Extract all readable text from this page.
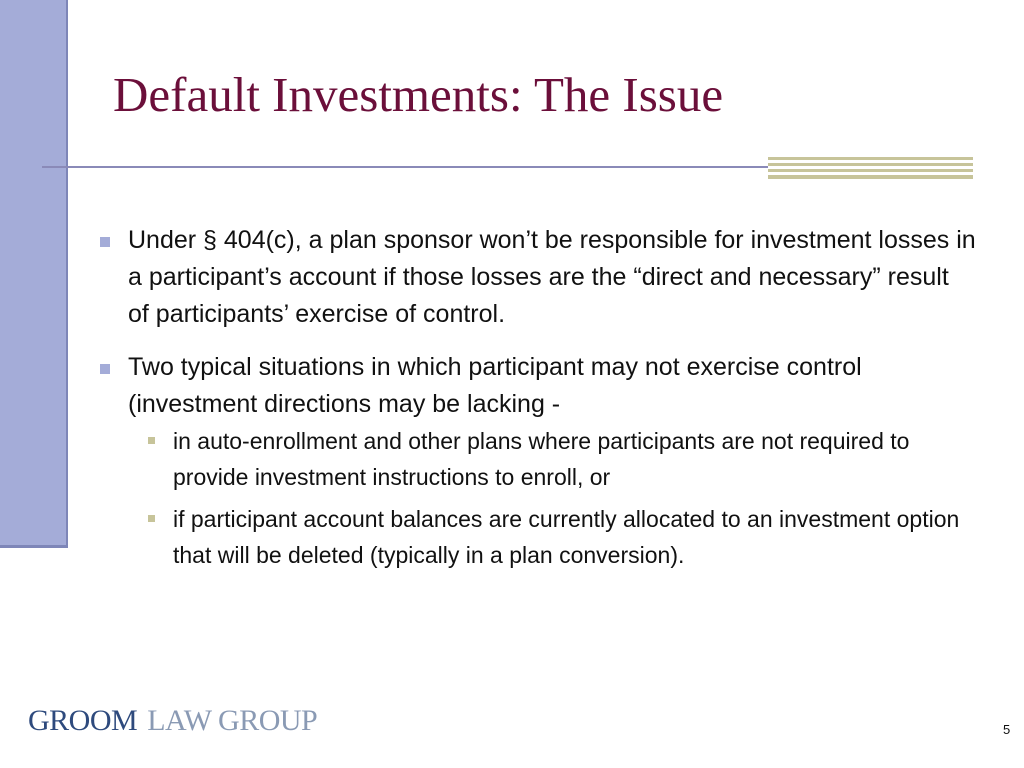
Default Investments: The Issue
Under § 404(c), a plan sponsor won’t be responsible for investment losses in a participant’s account if those losses are the “direct and necessary” result of participants’ exercise of control.
Two typical situations in which participant may not exercise control (investment directions may be lacking -
in auto-enrollment and other plans where participants are not required to provide investment instructions to enroll, or
if participant account balances are currently allocated to an investment option that will be deleted (typically in a plan conversion).
GROOM LAW GROUP	5
